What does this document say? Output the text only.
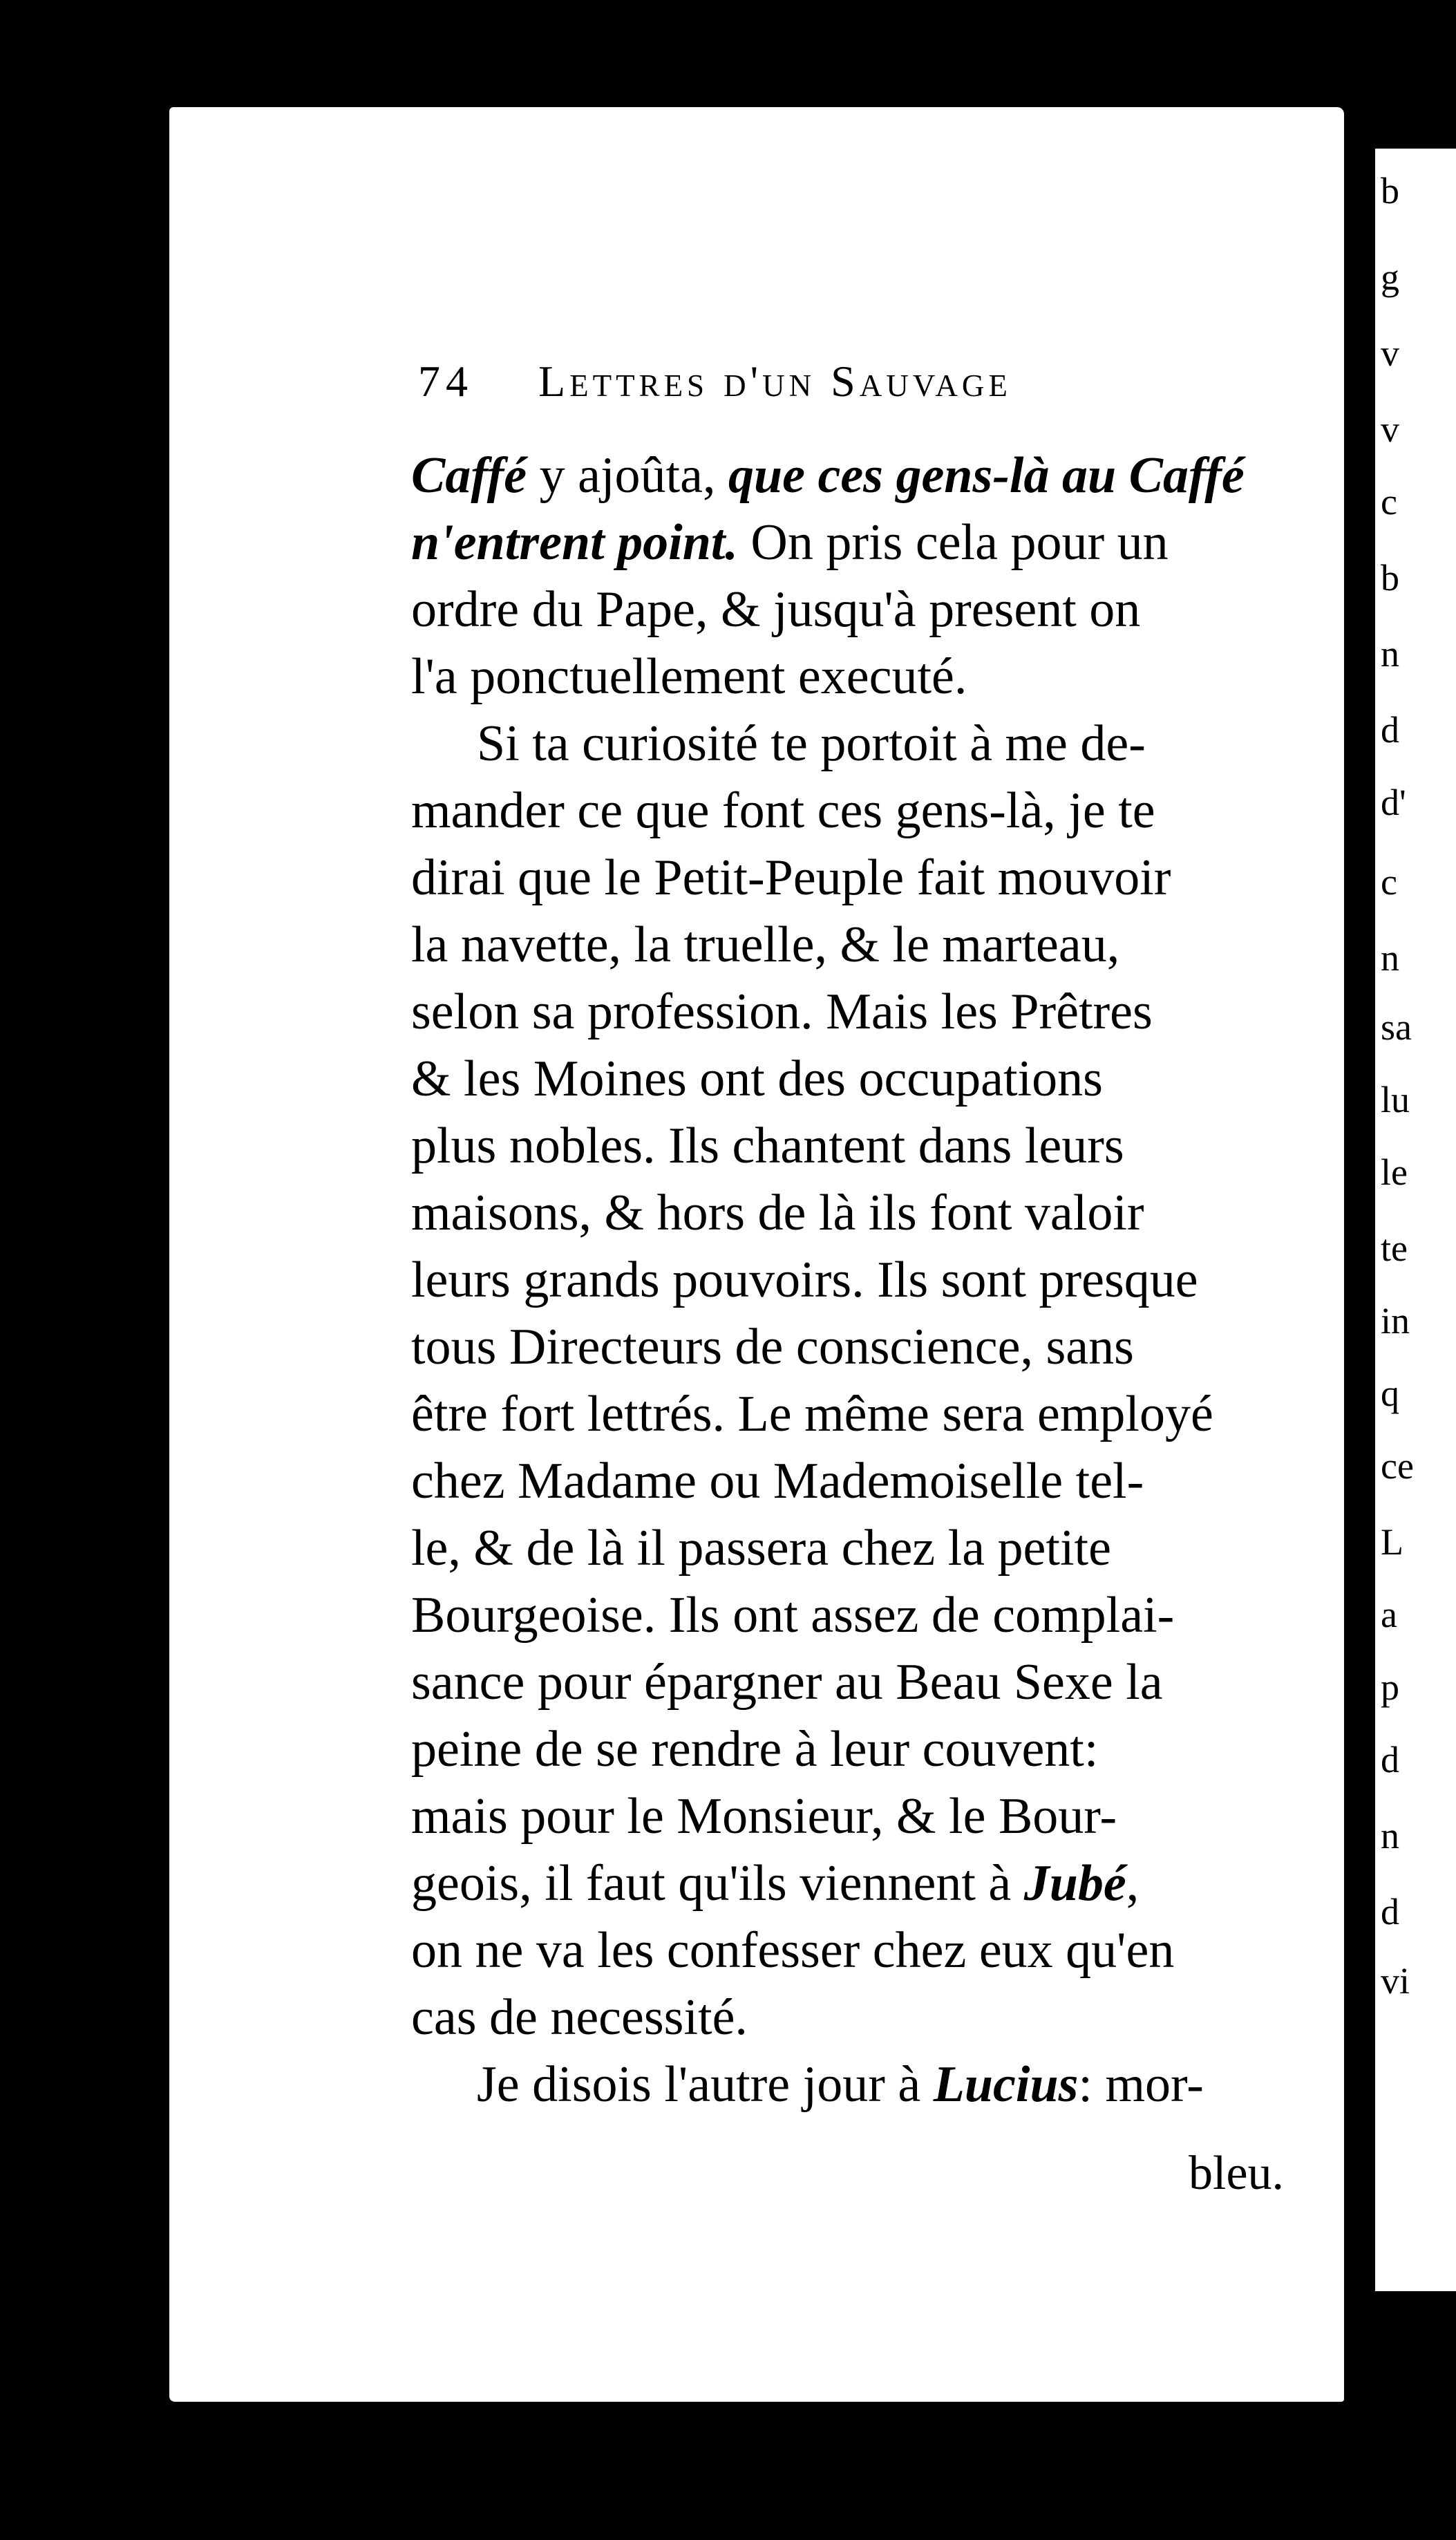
b
g
v
v
c
b
n
d
d'
c
n
sa
lu
le
te
in
q
ce
L
a
p
d
n
d
vi
74 Lettres d'un Sauvage
Caffé y ajoûta, que ces gens-là au Caffé
n'entrent point. On pris cela pour un
ordre du Pape, & jusqu'à present on
l'a ponctuellement executé.
Si ta curiosité te portoit à me de-
mander ce que font ces gens-là, je te
dirai que le Petit-Peuple fait mouvoir
la navette, la truelle, & le marteau,
selon sa profession. Mais les Prêtres
& les Moines ont des occupations
plus nobles. Ils chantent dans leurs
maisons, & hors de là ils font valoir
leurs grands pouvoirs. Ils sont presque
tous Directeurs de conscience, sans
être fort lettrés. Le même sera employé
chez Madame ou Mademoiselle tel-
le, & de là il passera chez la petite
Bourgeoise. Ils ont assez de complai-
sance pour épargner au Beau Sexe la
peine de se rendre à leur couvent:
mais pour le Monsieur, & le Bour-
geois, il faut qu'ils viennent à Jubé,
on ne va les confesser chez eux qu'en
cas de necessité.
Je disois l'autre jour à Lucius: mor-
bleu.
